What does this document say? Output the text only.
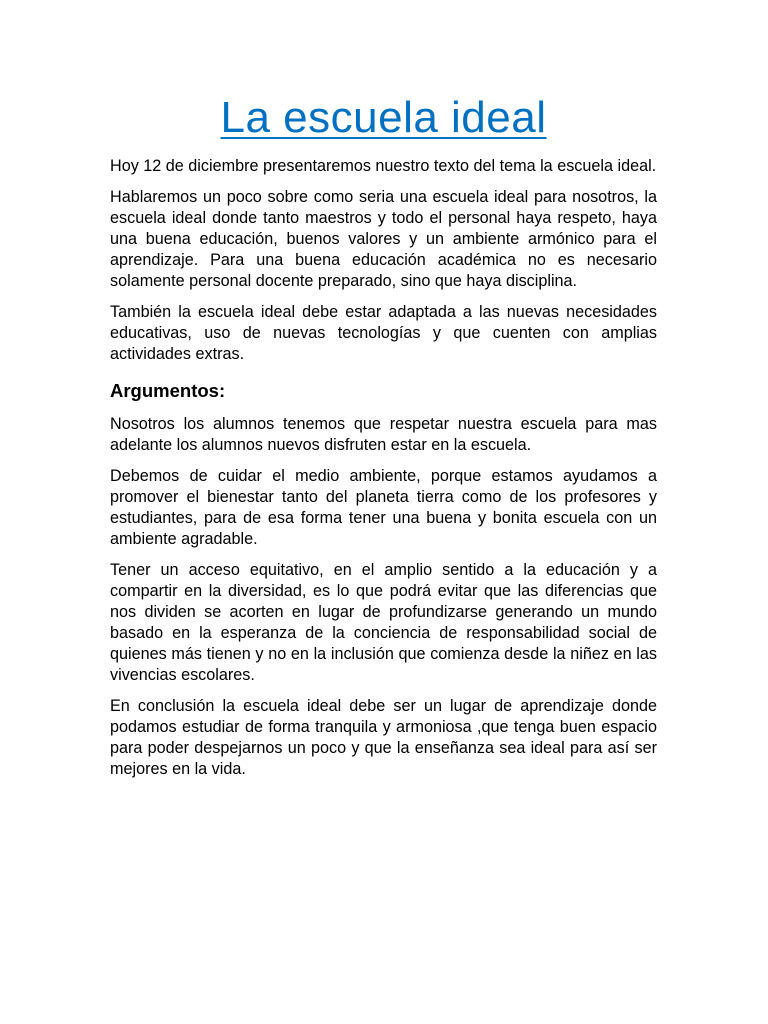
La escuela ideal

Hoy 12 de diciembre presentaremos nuestro texto del tema la escuela ideal.

Hablaremos un poco sobre como seria una escuela ideal para nosotros, la escuela ideal donde tanto maestros y todo el personal haya respeto, haya una buena educación, buenos valores y un ambiente armónico para el aprendizaje. Para una buena educación académica no es necesario solamente personal docente preparado, sino que haya disciplina.

También la escuela ideal debe estar adaptada a las nuevas necesidades educativas, uso de nuevas tecnologías y que cuenten con amplias actividades extras.

Argumentos:

Nosotros los alumnos tenemos que respetar nuestra escuela para mas adelante los alumnos nuevos disfruten estar en la escuela.

Debemos de cuidar el medio ambiente, porque estamos ayudamos a promover el bienestar tanto del planeta tierra como de los profesores y estudiantes, para de esa forma tener una buena y bonita escuela con un ambiente agradable.

Tener un acceso equitativo, en el amplio sentido a la educación y a compartir en la diversidad, es lo que podrá evitar que las diferencias que nos dividen se acorten en lugar de profundizarse generando un mundo basado en la esperanza de la conciencia de responsabilidad social de quienes más tienen y no en la inclusión que comienza desde la niñez en las vivencias escolares.

En conclusión la escuela ideal debe ser un lugar de aprendizaje donde podamos estudiar de forma tranquila y armoniosa ,que tenga buen espacio para poder despejarnos un poco y que la enseñanza sea ideal para así ser mejores en la vida.
